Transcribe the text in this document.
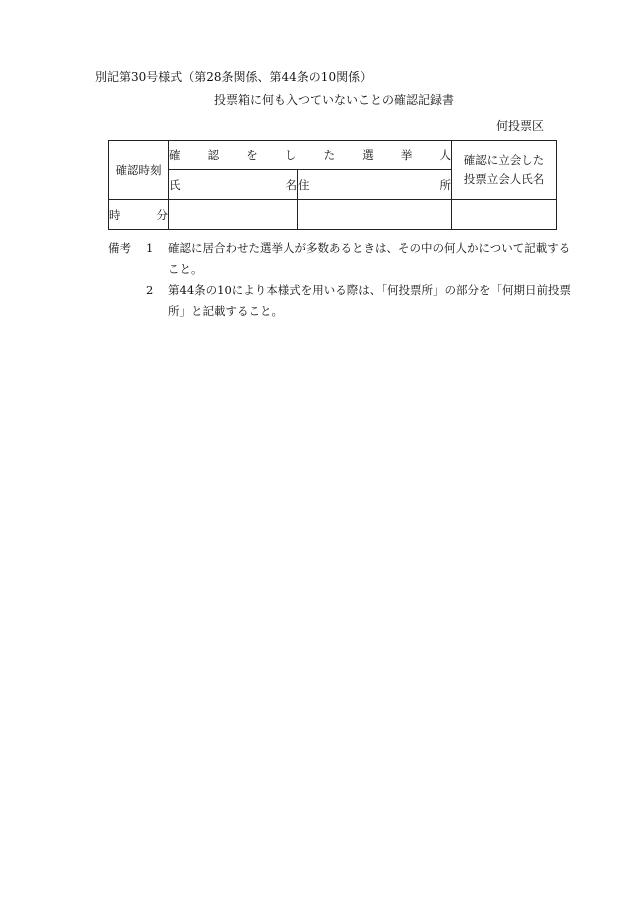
別記第30号様式（第28条関係、第44条の10関係）
投票箱に何も入つていないことの確認記録書
何投票区
確認時刻	確認をした選挙人		確認に立会した
投票立会人氏名

	氏名	住所	
時分			
備考	1	確認に居合わせた選挙人が多数あるときは、その中の何人かについて記載すること。
2	第44条の10により本様式を用いる際は、「何投票所」の部分を「何期日前投票所」と記載すること。
